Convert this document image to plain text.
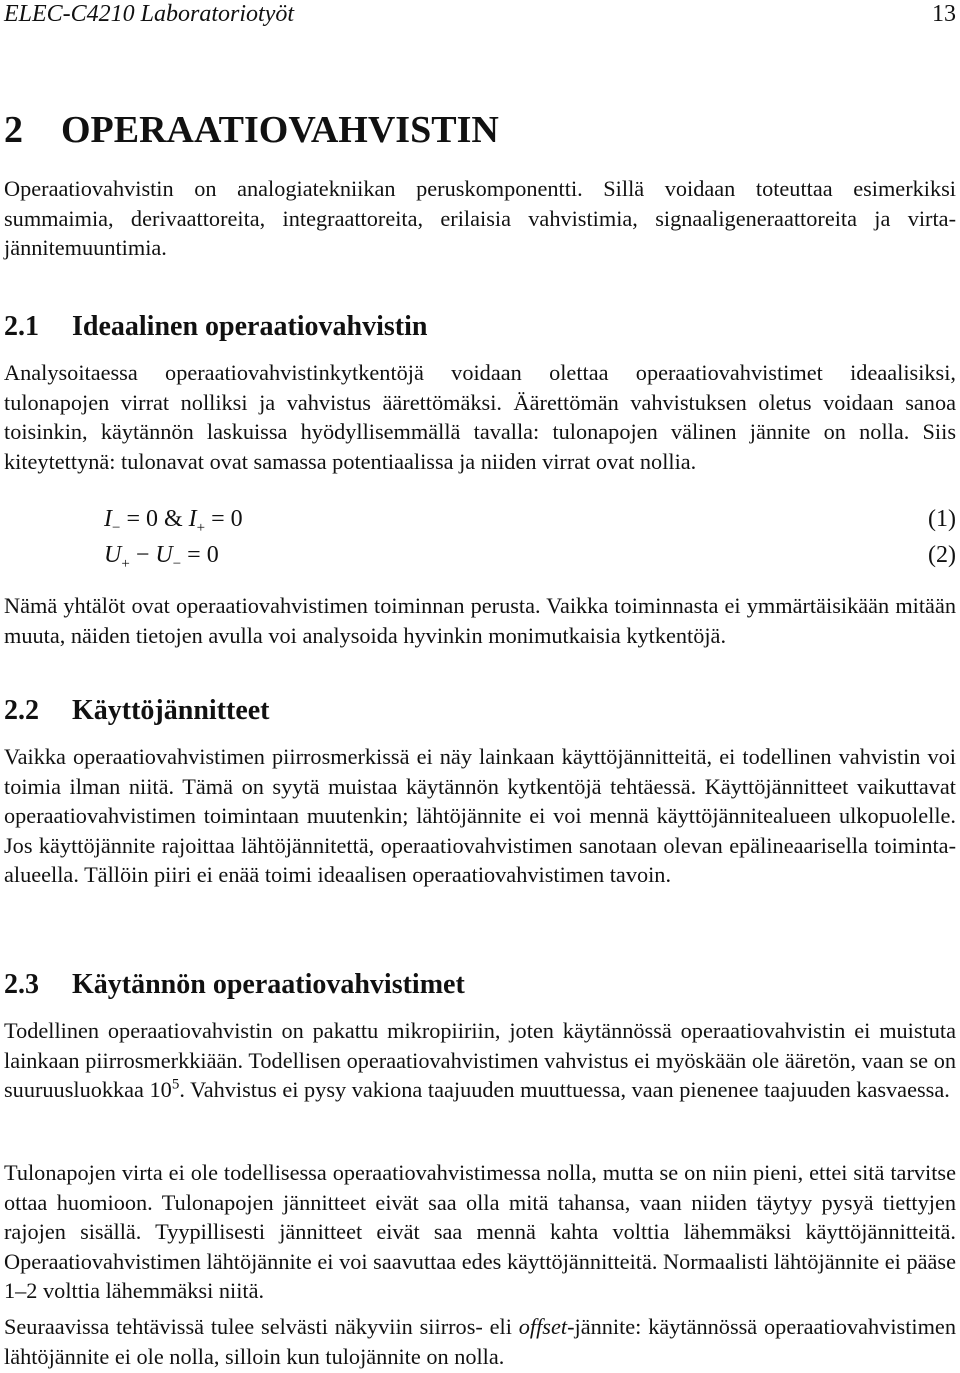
ELEC-C4210 Laboratoriotyöt	13
2 OPERAATIOVAHVISTIN

Operaatiovahvistin on analogiatekniikan peruskomponentti. Sillä voidaan toteuttaa esimerkiksi summaimia, derivaattoreita, integraattoreita, erilaisia vahvistimia, signaaligeneraattoreita ja virta-jännitemuuntimia.

2.1 Ideaalinen operaatiovahvistin

Analysoitaessa operaatiovahvistinkytkentöjä voidaan olettaa operaatiovahvistimet ideaalisiksi, tulonapojen virrat nolliksi ja vahvistus äärettömäksi. Äärettömän vahvistuksen oletus voidaan sanoa toisinkin, käytännön laskuissa hyödyllisemmällä tavalla: tulonapojen välinen jännite on nolla. Siis kiteytettynä: tulonavat ovat samassa potentiaalissa ja niiden virrat ovat nollia.

$I_- = 0$ & $I_+ = 0$	(1)
$U_+ - U_- = 0$	(2)

Nämä yhtälöt ovat operaatiovahvistimen toiminnan perusta. Vaikka toiminnasta ei ymmärtäisikään mitään muuta, näiden tietojen avulla voi analysoida hyvinkin monimutkaisia kytkentöjä.

2.2 Käyttöjännitteet

Vaikka operaatiovahvistimen piirrosmerkissä ei näy lainkaan käyttöjännitteitä, ei todellinen vahvistin voi toimia ilman niitä. Tämä on syytä muistaa käytännön kytkentöjä tehtäessä. Käyttöjännitteet vaikuttavat operaatiovahvistimen toimintaan muutenkin; lähtöjännite ei voi mennä käyttöjännitealueen ulkopuolelle. Jos käyttöjännite rajoittaa lähtöjännitettä, operaatiovahvistimen sanotaan olevan epälineaarisella toiminta-alueella. Tällöin piiri ei enää toimi ideaalisen operaatiovahvistimen tavoin.

2.3 Käytännön operaatiovahvistimet

Todellinen operaatiovahvistin on pakattu mikropiiriin, joten käytännössä operaatiovahvistin ei muistuta lainkaan piirrosmerkkiään. Todellisen operaatiovahvistimen vahvistus ei myöskään ole ääretön, vaan se on suuruusluokkaa $10^5$. Vahvistus ei pysy vakiona taajuuden muuttuessa, vaan pienenee taajuuden kasvaessa.

Tulonapojen virta ei ole todellisessa operaatiovahvistimessa nolla, mutta se on niin pieni, ettei sitä tarvitse ottaa huomioon. Tulonapojen jännitteet eivät saa olla mitä tahansa, vaan niiden täytyy pysyä tiettyjen rajojen sisällä. Tyypillisesti jännitteet eivät saa mennä kahta volttia lähemmäksi käyttöjännitteitä. Operaatiovahvistimen lähtöjännite ei voi saavuttaa edes käyttöjännitteitä. Normaalisti lähtöjännite ei pääse 1–2 volttia lähemmäksi niitä.

Seuraavissa tehtävissä tulee selvästi näkyviin siirros- eli offset-jännite: käytännössä operaatiovahvistimen lähtöjännite ei ole nolla, silloin kun tulojännite on nolla.
